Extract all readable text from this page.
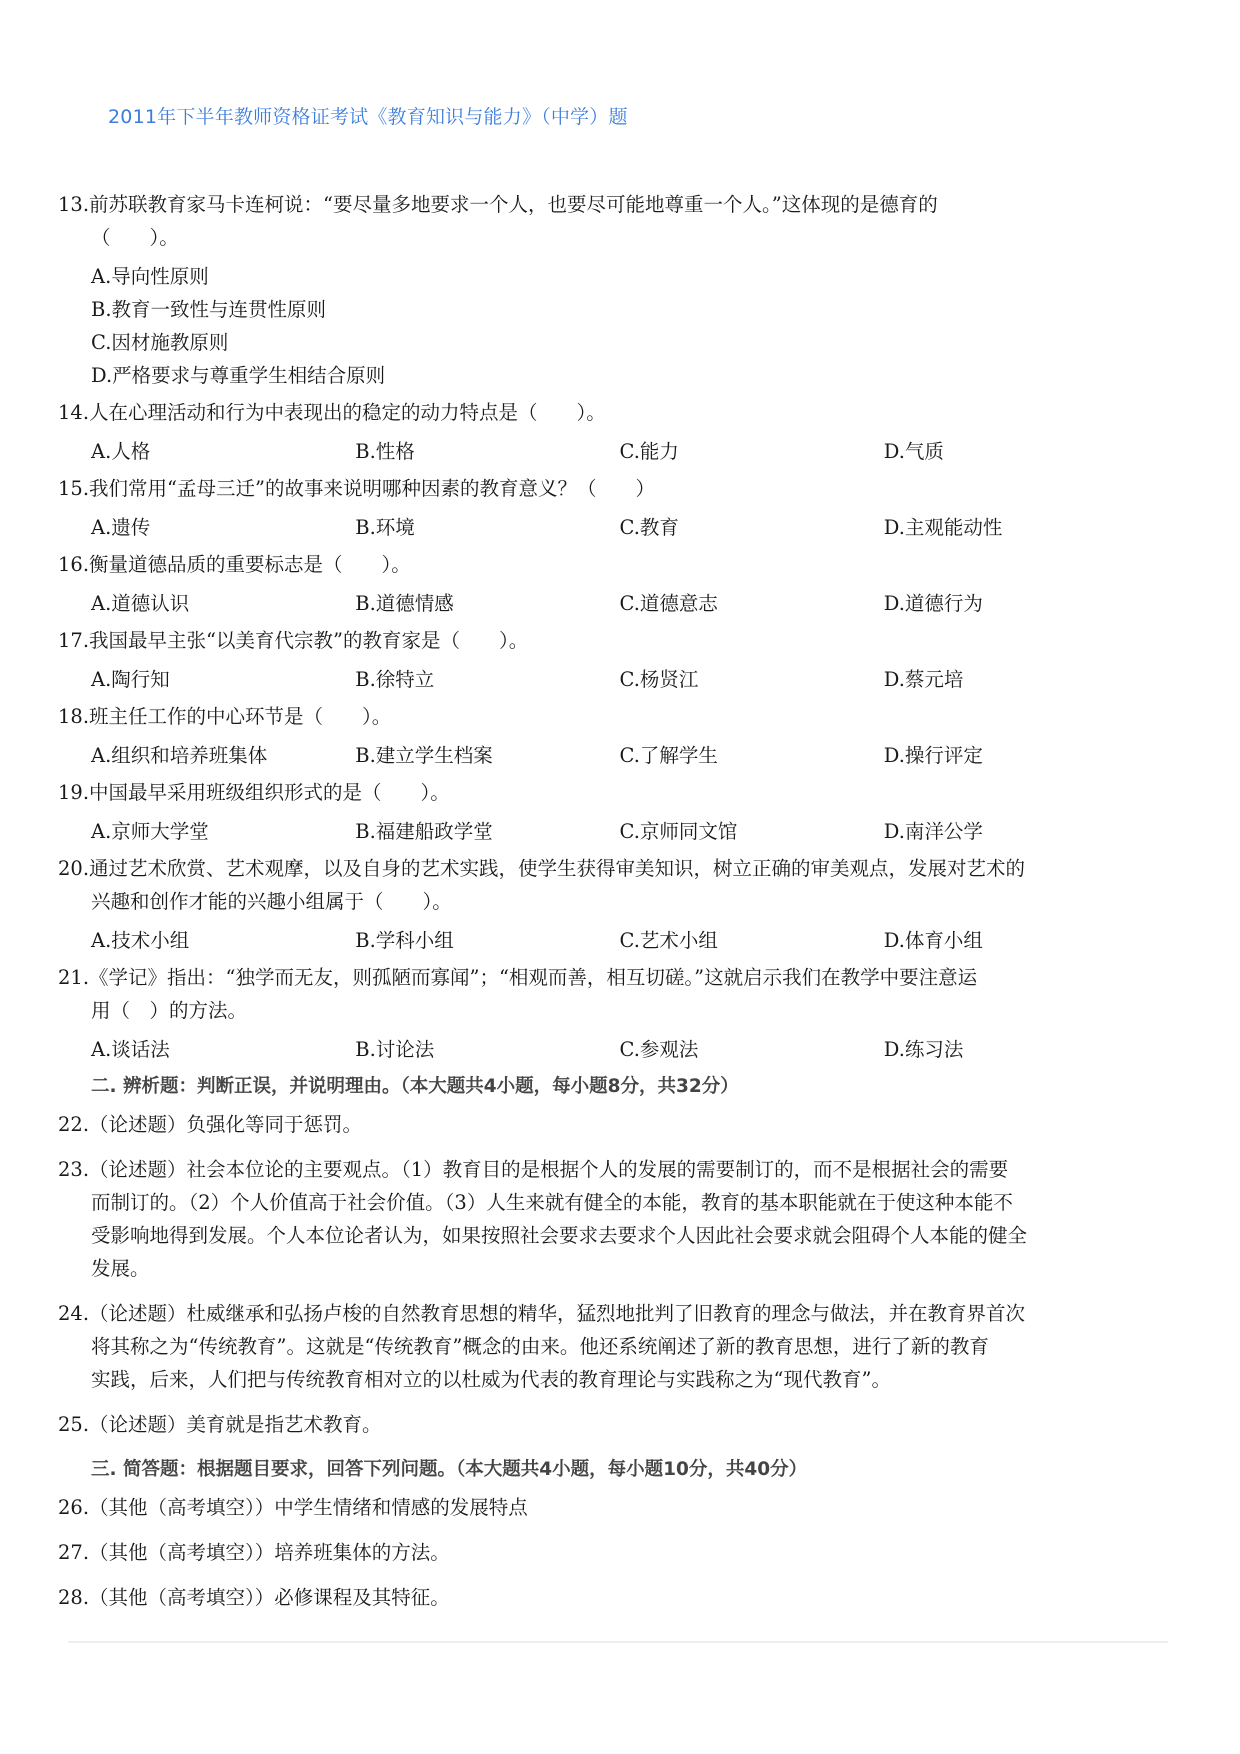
2011年下半年教师资格证考试《教育知识与能力》（中学）题
13.前苏联教育家马卡连柯说：“要尽量多地要求一个人，也要尽可能地尊重一个人。”这体现的是德育的
（　　）。
A.导向性原则
B.教育一致性与连贯性原则
C.因材施教原则
D.严格要求与尊重学生相结合原则
14.人在心理活动和行为中表现出的稳定的动力特点是（　　）。
A.人格	B.性格	C.能力	D.气质
15.我们常用“孟母三迁”的故事来说明哪种因素的教育意义？（　　）
A.遗传	B.环境	C.教育	D.主观能动性
16.衡量道德品质的重要标志是（　　）。
A.道德认识	B.道德情感	C.道德意志	D.道德行为
17.我国最早主张“以美育代宗教”的教育家是（　　）。
A.陶行知	B.徐特立	C.杨贤江	D.蔡元培
18.班主任工作的中心环节是（　　）。
A.组织和培养班集体	B.建立学生档案	C.了解学生	D.操行评定
19.中国最早采用班级组织形式的是（　　）。
A.京师大学堂	B.福建船政学堂	C.京师同文馆	D.南洋公学
20.通过艺术欣赏、艺术观摩，以及自身的艺术实践，使学生获得审美知识，树立正确的审美观点，发展对艺术的
兴趣和创作才能的兴趣小组属于（　　）。
A.技术小组	B.学科小组	C.艺术小组	D.体育小组
21.《学记》指出：“独学而无友，则孤陋而寡闻”；“相观而善，相互切磋。”这就启示我们在教学中要注意运
用（　）的方法。
A.谈话法	B.讨论法	C.参观法	D.练习法
二. 辨析题：判断正误，并说明理由。（本大题共4小题，每小题8分，共32分）
22.（论述题）负强化等同于惩罚。
23.（论述题）社会本位论的主要观点。（1）教育目的是根据个人的发展的需要制订的，而不是根据社会的需要
而制订的。（2）个人价值高于社会价值。（3）人生来就有健全的本能，教育的基本职能就在于使这种本能不
受影响地得到发展。个人本位论者认为，如果按照社会要求去要求个人因此社会要求就会阻碍个人本能的健全
发展。
24.（论述题）杜威继承和弘扬卢梭的自然教育思想的精华，猛烈地批判了旧教育的理念与做法，并在教育界首次
将其称之为“传统教育”。这就是“传统教育”概念的由来。他还系统阐述了新的教育思想，进行了新的教育
实践，后来，人们把与传统教育相对立的以杜威为代表的教育理论与实践称之为“现代教育”。
25.（论述题）美育就是指艺术教育。
三. 简答题：根据题目要求，回答下列问题。（本大题共4小题，每小题10分，共40分）
26.（其他（高考填空））中学生情绪和情感的发展特点
27.（其他（高考填空））培养班集体的方法。
28.（其他（高考填空））必修课程及其特征。
